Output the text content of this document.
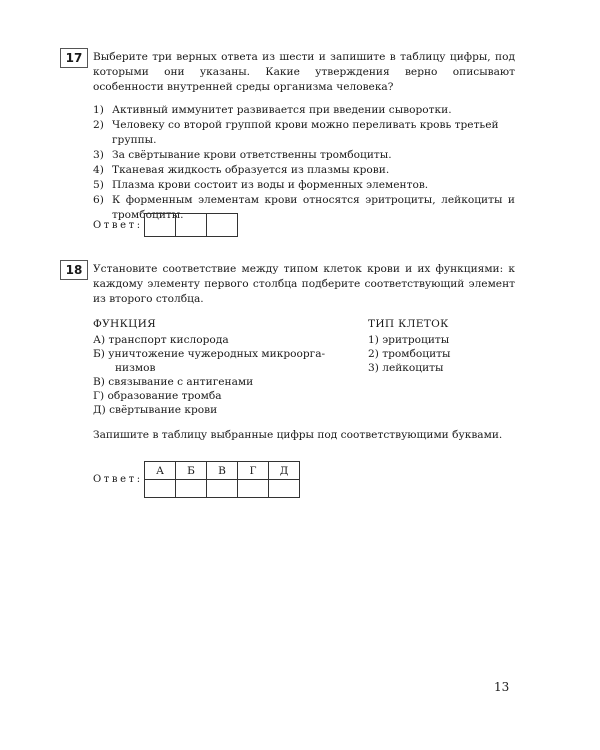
17	Выберите три верных ответа из шести и запишите в таблицу цифры, под которыми они указаны. Какие утверждения верно описывают особенности внутренней среды организма человека?
1) Активный иммунитет развивается при введении сыворотки.
2) Человеку со второй группой крови можно переливать кровь третьей группы.
3) За свёртывание крови ответственны тромбоциты.
4) Тканевая жидкость образуется из плазмы крови.
5) Плазма крови состоит из воды и форменных элементов.
6) К форменным элементам крови относятся эритроциты, лейкоциты и тромбоциты.
Ответ:
18	Установите соответствие между типом клеток крови и их функциями: к каждому элементу первого столбца подберите соответствующий элемент из второго столбца.
ФУНКЦИЯ	ТИП КЛЕТОК
А) транспорт кислорода
Б) уничтожение чужеродных микроорга-
низмов
В) связывание с антигенами
Г) образование тромба
Д) свёртывание крови
1) эритроциты
2) тромбоциты
3) лейкоциты
Запишите в таблицу выбранные цифры под соответствующими буквами.
Ответ:
А	Б	В	Г	Д

13
